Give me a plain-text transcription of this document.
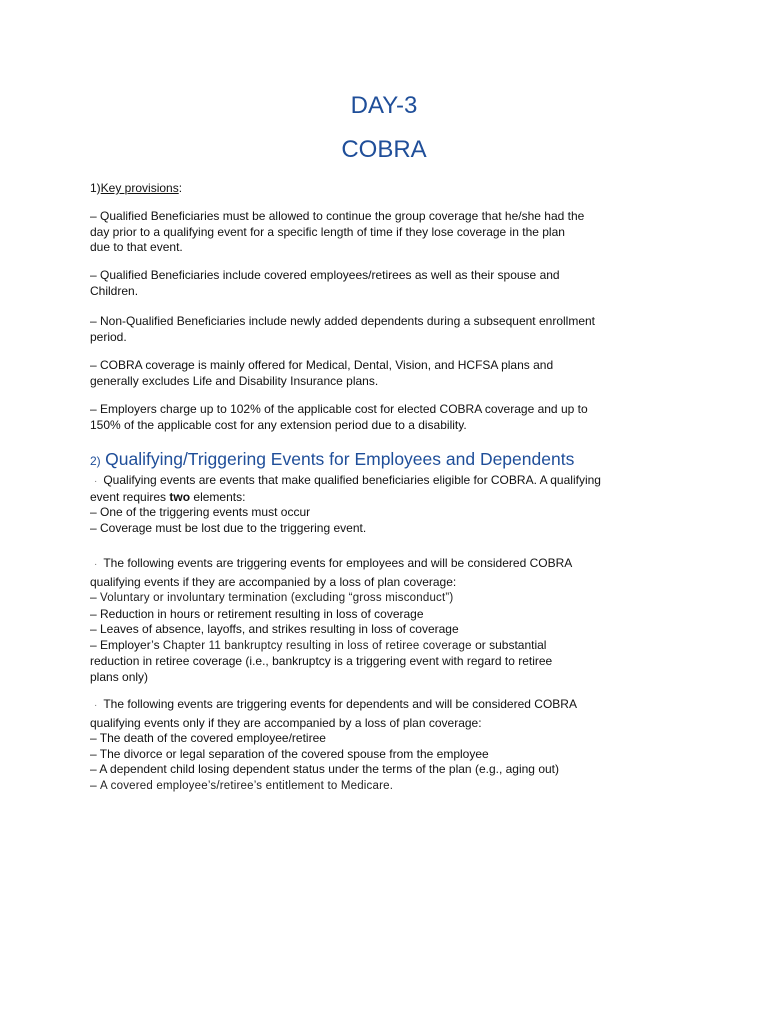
DAY-3
COBRA

1)Key provisions:

– Qualified Beneficiaries must be allowed to continue the group coverage that he/she had the
day prior to a qualifying event for a specific length of time if they lose coverage in the plan
due to that event.

– Qualified Beneficiaries include covered employees/retirees as well as their spouse and
Children.

– Non-Qualified Beneficiaries include newly added dependents during a subsequent enrollment
period.

– COBRA coverage is mainly offered for Medical, Dental, Vision, and HCFSA plans and
generally excludes Life and Disability Insurance plans.

– Employers charge up to 102% of the applicable cost for elected COBRA coverage and up to
150% of the applicable cost for any extension period due to a disability.

2) Qualifying/Triggering Events for Employees and Dependents

· Qualifying events are events that make qualified beneficiaries eligible for COBRA. A qualifying
event requires two elements:
– One of the triggering events must occur
– Coverage must be lost due to the triggering event.

· The following events are triggering events for employees and will be considered COBRA
qualifying events if they are accompanied by a loss of plan coverage:
– Voluntary or involuntary termination (excluding “gross misconduct”)
– Reduction in hours or retirement resulting in loss of coverage
– Leaves of absence, layoffs, and strikes resulting in loss of coverage
– Employer’s Chapter 11 bankruptcy resulting in loss of retiree coverage or substantial
reduction in retiree coverage (i.e., bankruptcy is a triggering event with regard to retiree
plans only)

· The following events are triggering events for dependents and will be considered COBRA
qualifying events only if they are accompanied by a loss of plan coverage:
– The death of the covered employee/retiree
– The divorce or legal separation of the covered spouse from the employee
– A dependent child losing dependent status under the terms of the plan (e.g., aging out)
– A covered employee’s/retiree’s entitlement to Medicare.
